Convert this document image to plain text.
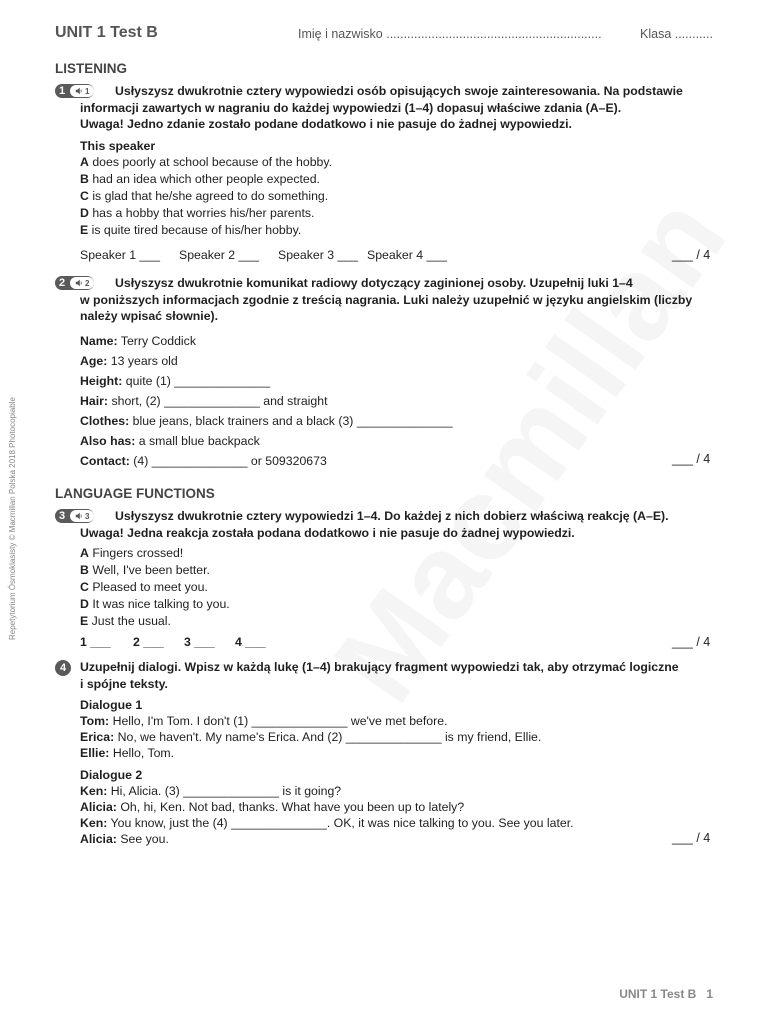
UNIT 1 Test B	Imię i nazwisko ..............................................................	Klasa ...........
Repetytorium Ósmoklasisty © Macmillan Polska 2018 Photocopiable
LISTENING
1	1 Usłyszysz dwukrotnie cztery wypowiedzi osób opisujących swoje zainteresowania. Na podstawie
informacji zawartych w nagraniu do każdej wypowiedzi (1–4) dopasuj właściwe zdania (A–E).
Uwaga! Jedno zdanie zostało podane dodatkowo i nie pasuje do żadnej wypowiedzi.
This speaker
A does poorly at school because of the hobby.
B had an idea which other people expected.
C is glad that he/she agreed to do something.
D has a hobby that worries his/her parents.
E is quite tired because of his/her hobby.
Speaker 1 ___ Speaker 2 ___ Speaker 3 ___ Speaker 4 ___	___ / 4
2	2 Usłyszysz dwukrotnie komunikat radiowy dotyczący zaginionej osoby. Uzupełnij luki 1–4
w poniższych informacjach zgodnie z treścią nagrania. Luki należy uzupełnić w języku angielskim (liczby
należy wpisać słownie).
Name: Terry Coddick
Age: 13 years old
Height: quite (1) ______________
Hair: short, (2) ______________ and straight
Clothes: blue jeans, black trainers and a black (3) ______________
Also has: a small blue backpack
Contact: (4) ______________ or 509320673	___ / 4
LANGUAGE FUNCTIONS
3	3 Usłyszysz dwukrotnie cztery wypowiedzi 1–4. Do każdej z nich dobierz właściwą reakcję (A–E).
Uwaga! Jedna reakcja została podana dodatkowo i nie pasuje do żadnej wypowiedzi.
A Fingers crossed!
B Well, I've been better.
C Pleased to meet you.
D It was nice talking to you.
E Just the usual.
1 ___ 2 ___ 3 ___ 4 ___	___ / 4
4	Uzupełnij dialogi. Wpisz w każdą lukę (1–4) brakujący fragment wypowiedzi tak, aby otrzymać logiczne
i spójne teksty.
Dialogue 1
Tom: Hello, I'm Tom. I don't (1) ______________ we've met before.
Erica: No, we haven't. My name's Erica. And (2) ______________ is my friend, Ellie.
Ellie: Hello, Tom.
Dialogue 2
Ken: Hi, Alicia. (3) ______________ is it going?
Alicia: Oh, hi, Ken. Not bad, thanks. What have you been up to lately?
Ken: You know, just the (4) ______________. OK, it was nice talking to you. See you later.
Alicia: See you.	___ / 4
UNIT 1 Test B   1
